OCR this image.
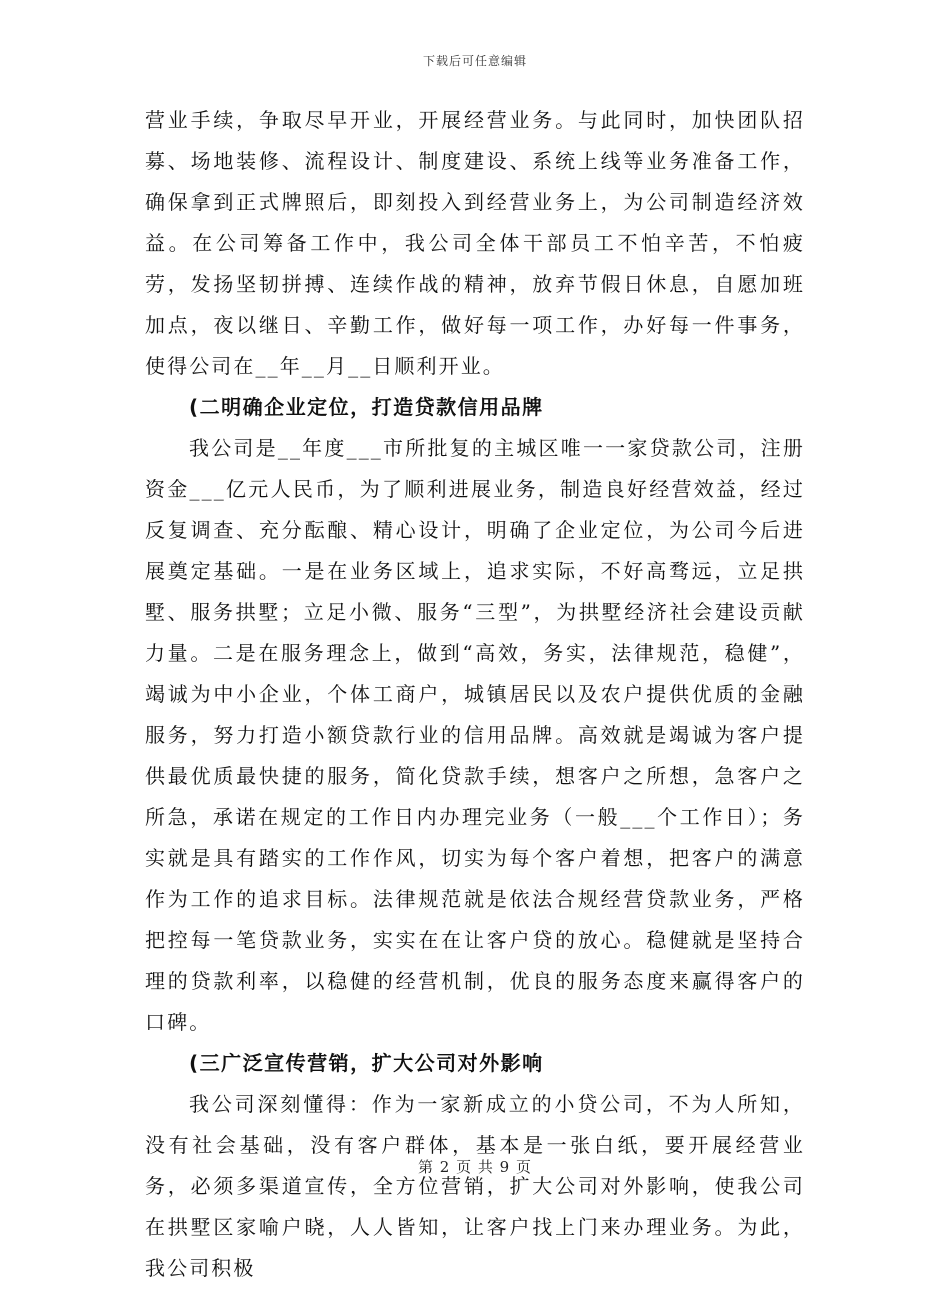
下载后可任意编辑

营业手续，争取尽早开业，开展经营业务。与此同时，加快团队招募、场地装修、流程设计、制度建设、系统上线等业务准备工作，确保拿到正式牌照后，即刻投入到经营业务上，为公司制造经济效益。在公司筹备工作中，我公司全体干部员工不怕辛苦，不怕疲劳，发扬坚韧拼搏、连续作战的精神，放弃节假日休息，自愿加班加点，夜以继日、辛勤工作，做好每一项工作，办好每一件事务，使得公司在__年__月__日顺利开业。

(二明确企业定位，打造贷款信用品牌

我公司是__年度___市所批复的主城区唯一一家贷款公司，注册资金___亿元人民币，为了顺利进展业务，制造良好经营效益，经过反复调查、充分酝酿、精心设计，明确了企业定位，为公司今后进展奠定基础。一是在业务区域上，追求实际，不好高骛远，立足拱墅、服务拱墅；立足小微、服务“三型”，为拱墅经济社会建设贡献力量。二是在服务理念上，做到“高效，务实，法律规范，稳健”，竭诚为中小企业，个体工商户，城镇居民以及农户提供优质的金融服务，努力打造小额贷款行业的信用品牌。高效就是竭诚为客户提供最优质最快捷的服务，简化贷款手续，想客户之所想，急客户之所急，承诺在规定的工作日内办理完业务（一般___个工作日）；务实就是具有踏实的工作作风，切实为每个客户着想，把客户的满意作为工作的追求目标。法律规范就是依法合规经营贷款业务，严格把控每一笔贷款业务，实实在在让客户贷的放心。稳健就是坚持合理的贷款利率，以稳健的经营机制，优良的服务态度来赢得客户的口碑。

(三广泛宣传营销，扩大公司对外影响

我公司深刻懂得：作为一家新成立的小贷公司，不为人所知，没有社会基础，没有客户群体，基本是一张白纸，要开展经营业务，必须多渠道宣传，全方位营销，扩大公司对外影响，使我公司在拱墅区家喻户晓，人人皆知，让客户找上门来办理业务。为此，我公司积极

第 2 页 共 9 页
